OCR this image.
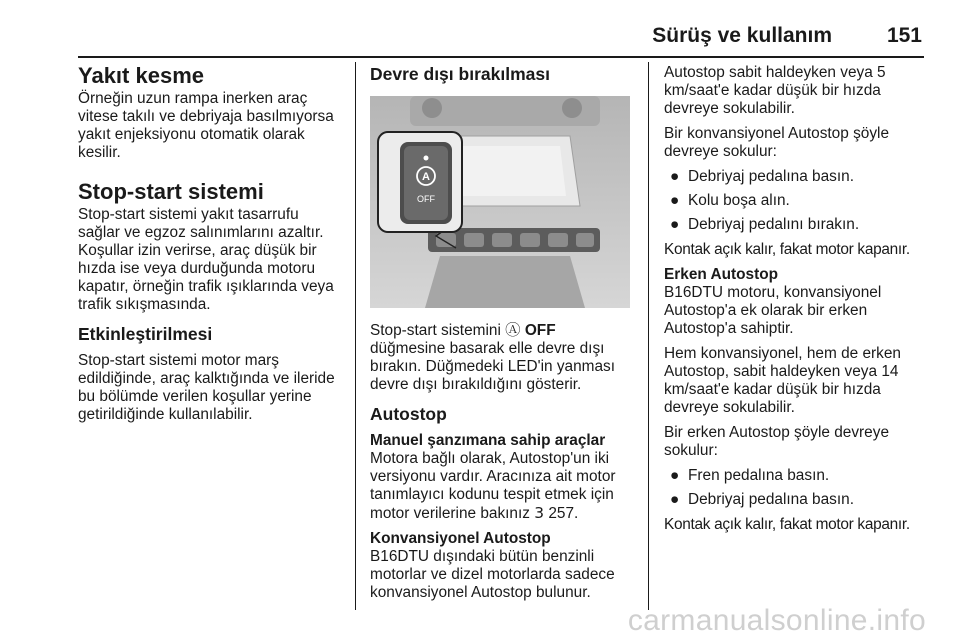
Sürüş ve kullanım	151
Yakıt kesme

Örneğin uzun rampa inerken araç vitese takılı ve debriyaja basılmıyorsa yakıt enjeksiyonu otomatik olarak kesilir.

Stop-start sistemi

Stop-start sistemi yakıt tasarrufu sağlar ve egzoz salınımlarını azaltır. Koşullar izin verirse, araç düşük bir hızda ise veya durduğunda motoru kapatır, örneğin trafik ışıklarında veya trafik sıkışmasında.

Etkinleştirilmesi

Stop-start sistemi motor marş edildiğinde, araç kalktığında ve ileride bu bölümde verilen koşullar yerine getirildiğinde kullanılabilir.

Devre dışı bırakılması
A
OFF

Stop-start sistemini Ⓐ OFF düğmesine basarak elle devre dışı bırakın. Düğmedeki LED'in yanması devre dışı bırakıldığını gösterir.

Autostop
Manuel şanzımana sahip araçlar

Motora bağlı olarak, Autostop'un iki versiyonu vardır. Aracınıza ait motor tanımlayıcı kodunu tespit etmek için motor verilerine bakınız 3 257.

Konvansiyonel Autostop

B16DTU dışındaki bütün benzinli motorlar ve dizel motorlarda sadece konvansiyonel Autostop bulunur.

Autostop sabit haldeyken veya 5 km/saat'e kadar düşük bir hızda devreye sokulabilir.

Bir konvansiyonel Autostop şöyle devreye sokulur:

● Debriyaj pedalına basın.
● Kolu boşa alın.
● Debriyaj pedalını bırakın.

Kontak açık kalır, fakat motor kapanır.

Erken Autostop

B16DTU motoru, konvansiyonel Autostop'a ek olarak bir erken Autostop'a sahiptir.

Hem konvansiyonel, hem de erken Autostop, sabit haldeyken veya 14 km/saat'e kadar düşük bir hızda devreye sokulabilir.

Bir erken Autostop şöyle devreye sokulur:

● Fren pedalına basın.
● Debriyaj pedalına basın.

Kontak açık kalır, fakat motor kapanır.

carmanualsonline.info
